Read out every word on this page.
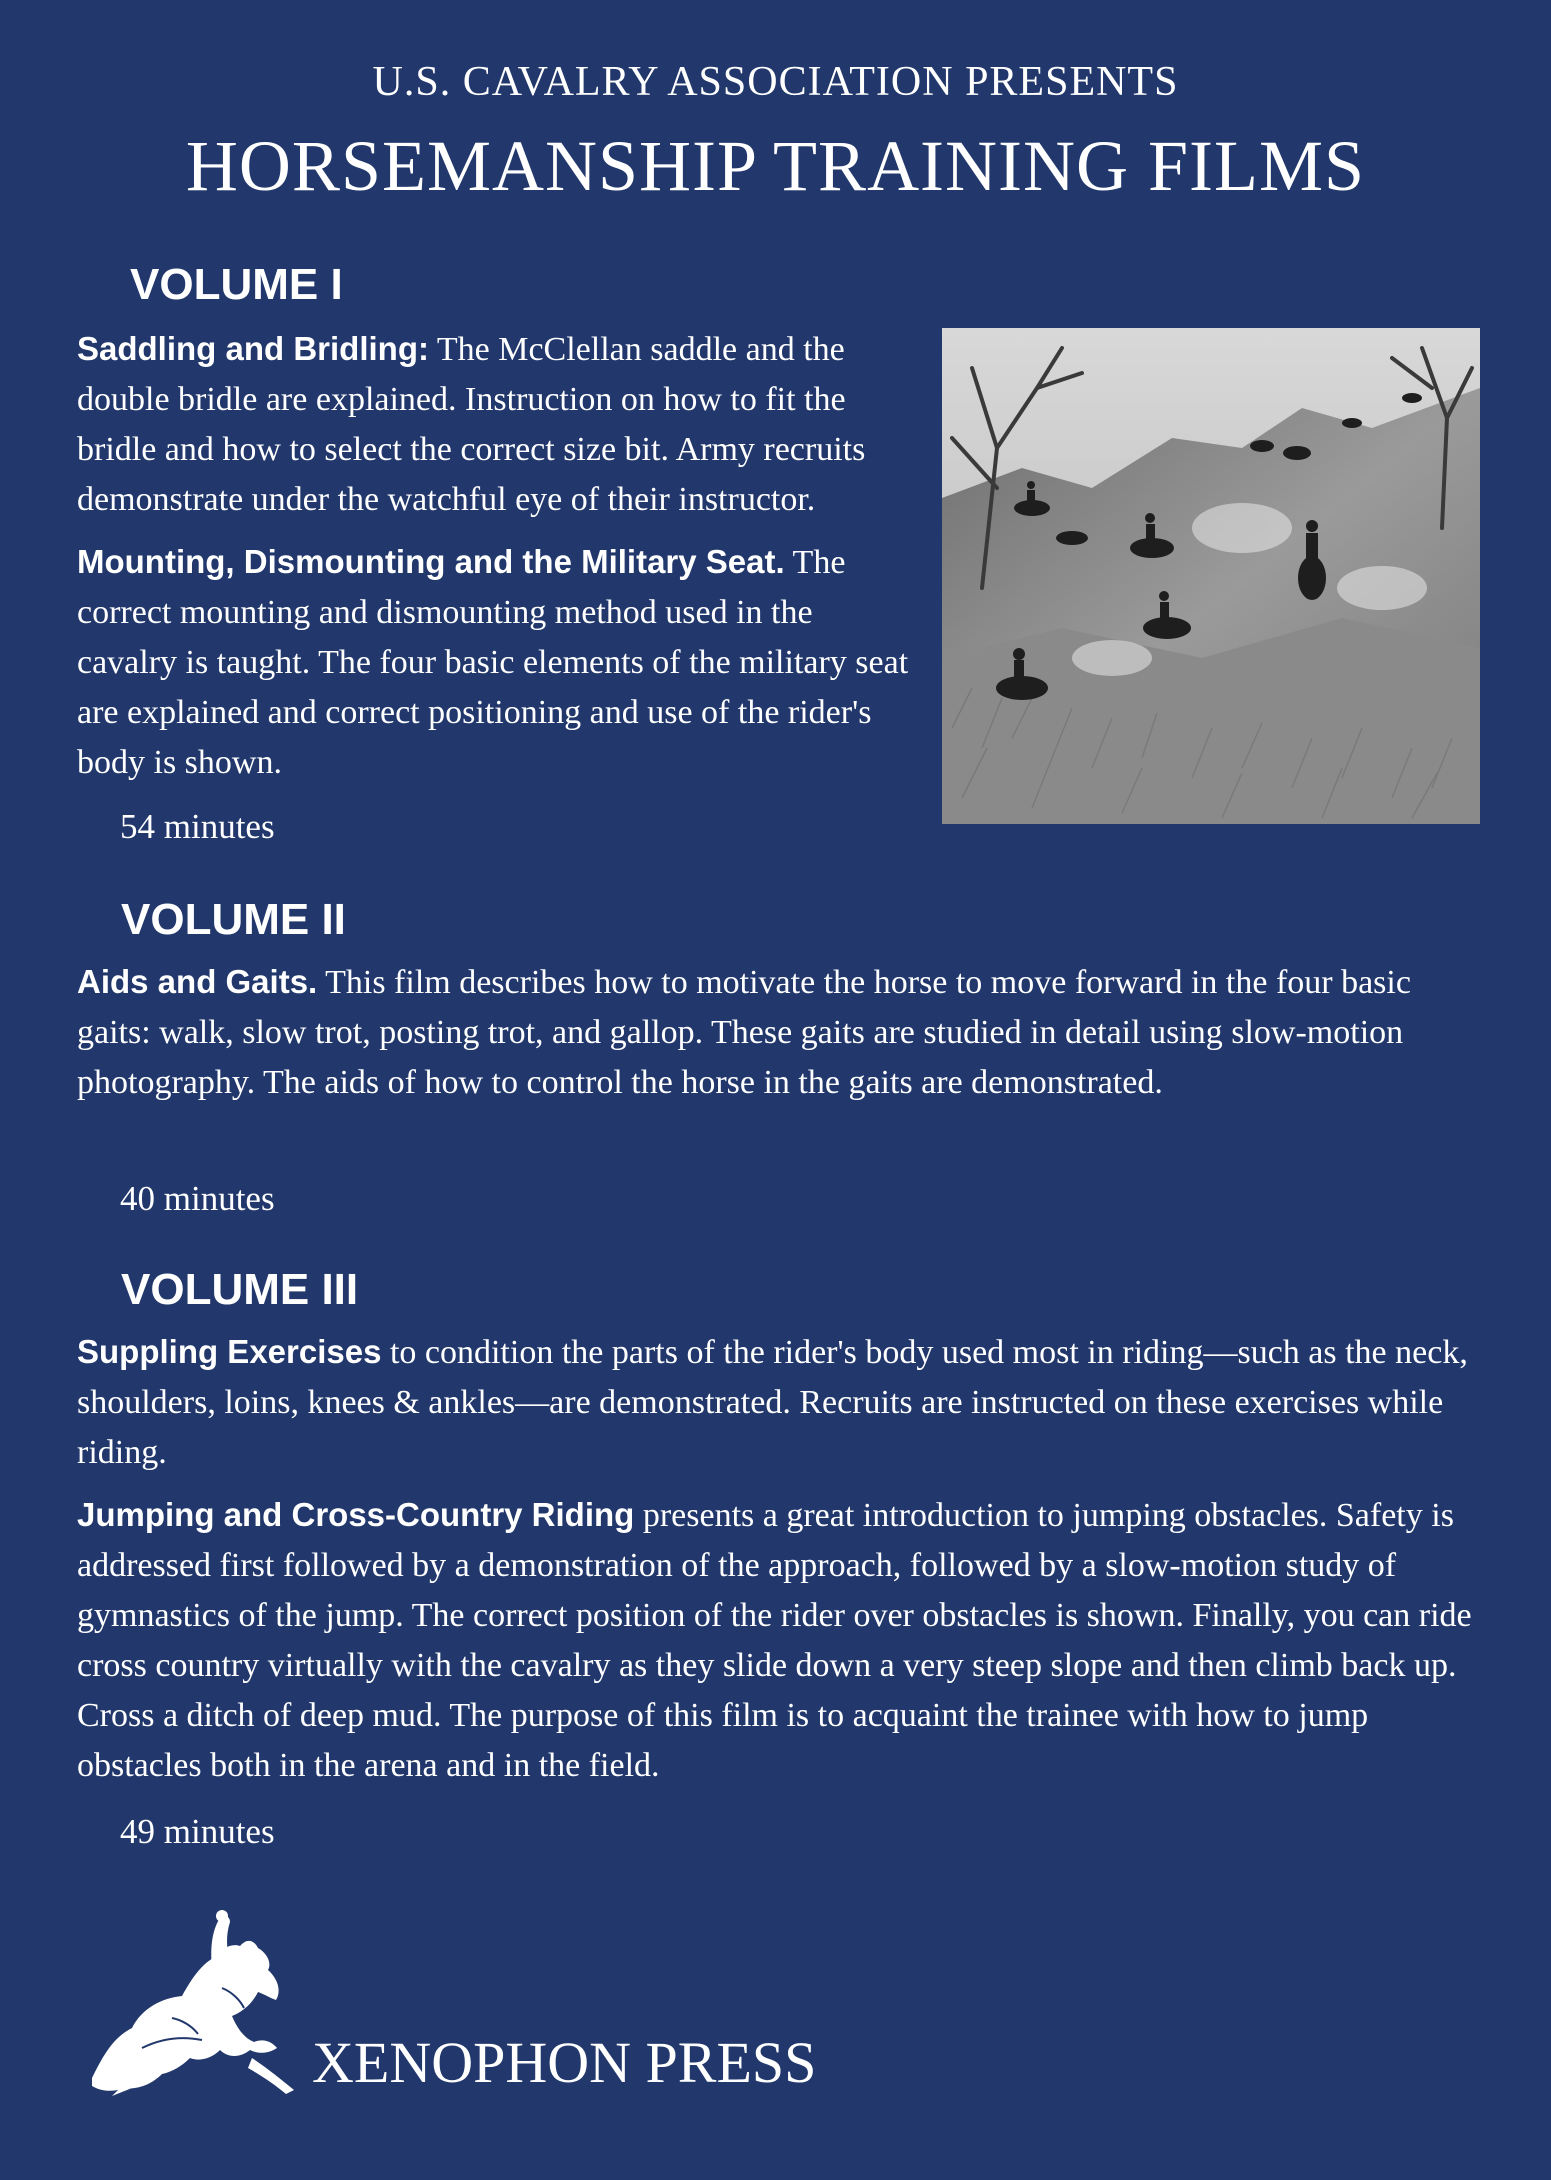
U.S. CAVALRY ASSOCIATION PRESENTS
HORSEMANSHIP TRAINING FILMS
VOLUME I
Saddling and Bridling: The McClellan saddle and the double bridle are explained. Instruction on how to fit the bridle and how to select the correct size bit. Army recruits demonstrate under the watchful eye of their instructor.
Mounting, Dismounting and the Military Seat. The correct mounting and dismounting method used in the cavalry is taught. The four basic elements of the military seat are explained and correct positioning and use of the rider's body is shown.
54 minutes
VOLUME II
Aids and Gaits. This film describes how to motivate the horse to move forward in the four basic gaits: walk, slow trot, posting trot, and gallop. These gaits are studied in detail using slow-motion photography. The aids of how to control the horse in the gaits are demonstrated.
40 minutes
VOLUME III
Suppling Exercises to condition the parts of the rider's body used most in riding—such as the neck, shoulders, loins, knees & ankles—are demonstrated. Recruits are instructed on these exercises while riding.
Jumping and Cross-Country Riding presents a great introduction to jumping obstacles. Safety is addressed first followed by a demonstration of the approach, followed by a slow-motion study of gymnastics of the jump. The correct position of the rider over obstacles is shown. Finally, you can ride cross country virtually with the cavalry as they slide down a very steep slope and then climb back up. Cross a ditch of deep mud. The purpose of this film is to acquaint the trainee with how to jump obstacles both in the arena and in the field.
49 minutes
XENOPHON PRESS
